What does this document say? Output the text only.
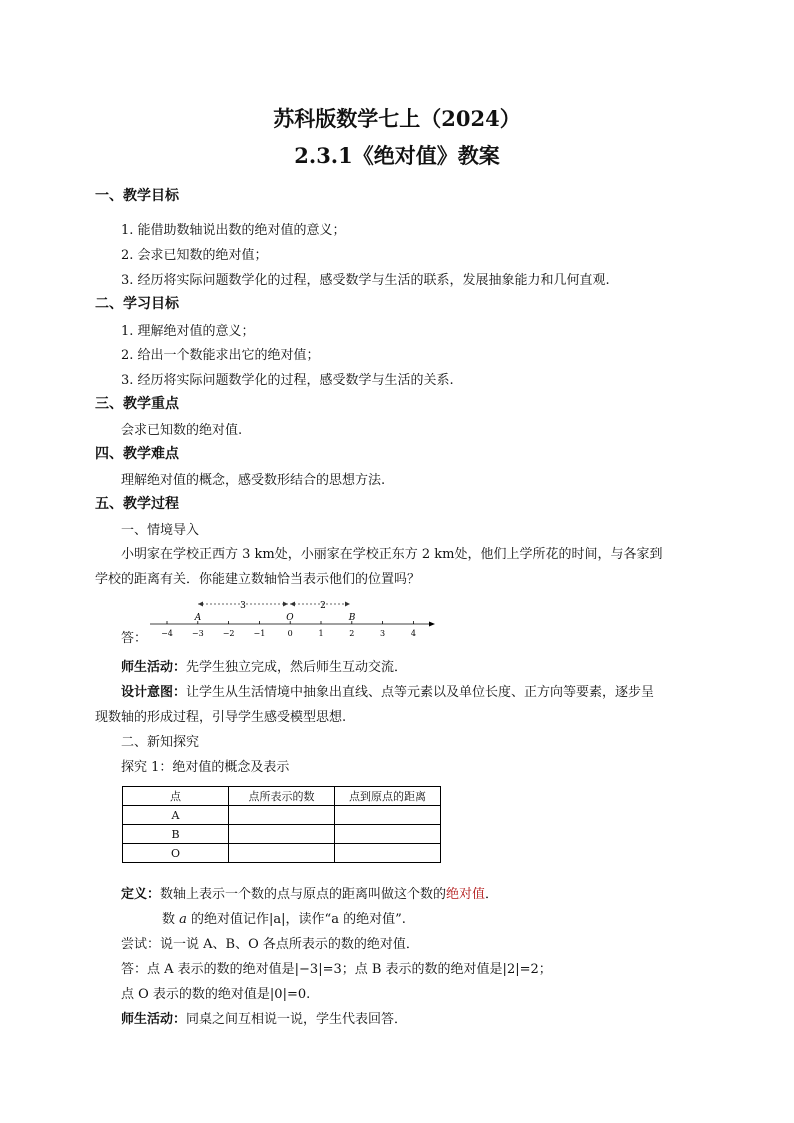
苏科版数学七上（2024）
2.3.1《绝对值》教案
一、教学目标
1. 能借助数轴说出数的绝对值的意义；
2. 会求已知数的绝对值；
3. 经历将实际问题数学化的过程，感受数学与生活的联系，发展抽象能力和几何直观.
二、学习目标
1. 理解绝对值的意义；
2. 给出一个数能求出它的绝对值；
3. 经历将实际问题数学化的过程，感受数学与生活的关系.
三、教学重点
会求已知数的绝对值.
四、教学难点
理解绝对值的概念，感受数形结合的思想方法.
五、教学过程
一、情境导入
小明家在学校正西方 3 km处，小丽家在学校正东方 2 km处，他们上学所花的时间，与各家到
学校的距离有关．你能建立数轴恰当表示他们的位置吗？
答：
3	2
−4 −3 −2 −1	0	1	2	3	4
A	O	B
师生活动：先学生独立完成，然后师生互动交流．
设计意图：让学生从生活情境中抽象出直线、点等元素以及单位长度、正方向等要素，逐步呈
现数轴的形成过程，引导学生感受模型思想.
二、新知探究
探究 1：绝对值的概念及表示
点	点所表示的数	点到原点的距离
A		
B		
O		
定义：数轴上表示一个数的点与原点的距离叫做这个数的绝对值．
数 a 的绝对值记作|a|，读作“a 的绝对值”.
尝试：说一说 A、B、O 各点所表示的数的绝对值．
答：点 A 表示的数的绝对值是|−3|=3；点 B 表示的数的绝对值是|2|=2；
点 O 表示的数的绝对值是|0|=0.
师生活动：同桌之间互相说一说，学生代表回答．
